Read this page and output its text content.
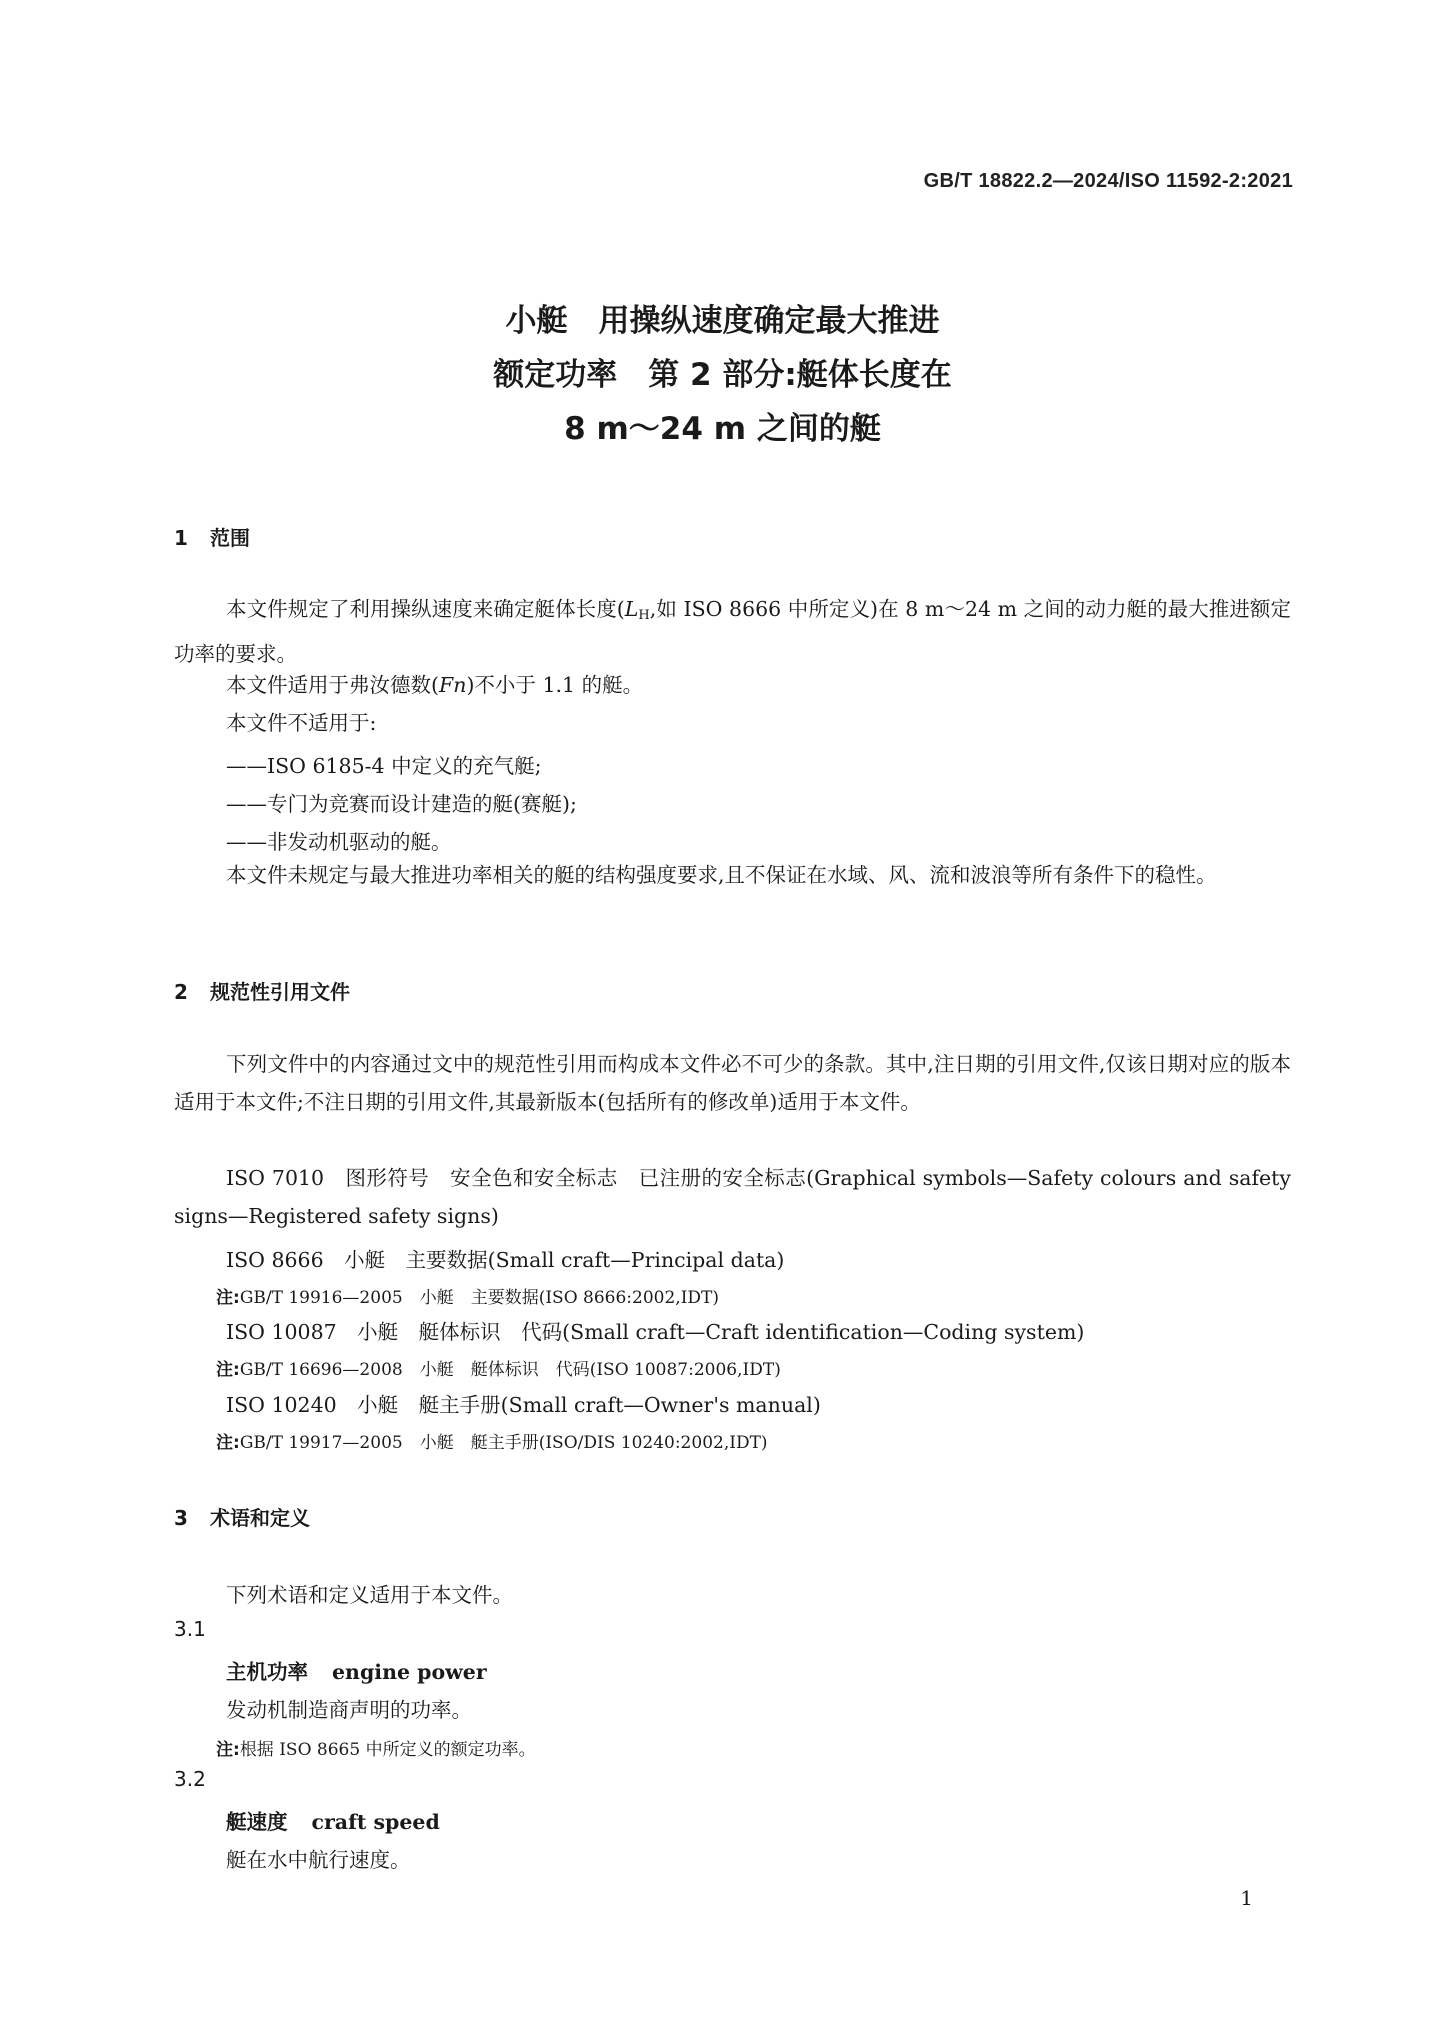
GB/T 18822.2—2024/ISO 11592-2:2021
小艇　用操纵速度确定最大推进
额定功率　第 2 部分:艇体长度在
8 m～24 m 之间的艇
1 范围
本文件规定了利用操纵速度来确定艇体长度($L_H$,如 ISO 8666 中所定义)在 8 m～24 m 之间的动力艇的最大推进额定功率的要求。
本文件适用于弗汝德数(Fn)不小于 1.1 的艇。
本文件不适用于:
——ISO 6185-4 中定义的充气艇;
——专门为竞赛而设计建造的艇(赛艇);
——非发动机驱动的艇。
本文件未规定与最大推进功率相关的艇的结构强度要求,且不保证在水域、风、流和波浪等所有条件下的稳性。
2 规范性引用文件
下列文件中的内容通过文中的规范性引用而构成本文件必不可少的条款。其中,注日期的引用文件,仅该日期对应的版本适用于本文件;不注日期的引用文件,其最新版本(包括所有的修改单)适用于本文件。
ISO 7010　图形符号　安全色和安全标志　已注册的安全标志(Graphical symbols—Safety colours and safety signs—Registered safety signs)
ISO 8666　小艇　主要数据(Small craft—Principal data)
注:GB/T 19916—2005　小艇　主要数据(ISO 8666:2002,IDT)
ISO 10087　小艇　艇体标识　代码(Small craft—Craft identification—Coding system)
注:GB/T 16696—2008　小艇　艇体标识　代码(ISO 10087:2006,IDT)
ISO 10240　小艇　艇主手册(Small craft—Owner's manual)
注:GB/T 19917—2005　小艇　艇主手册(ISO/DIS 10240:2002,IDT)
3 术语和定义
下列术语和定义适用于本文件。
3.1
主机功率 engine power
发动机制造商声明的功率。
注:根据 ISO 8665 中所定义的额定功率。
3.2
艇速度 craft speed
艇在水中航行速度。
1
